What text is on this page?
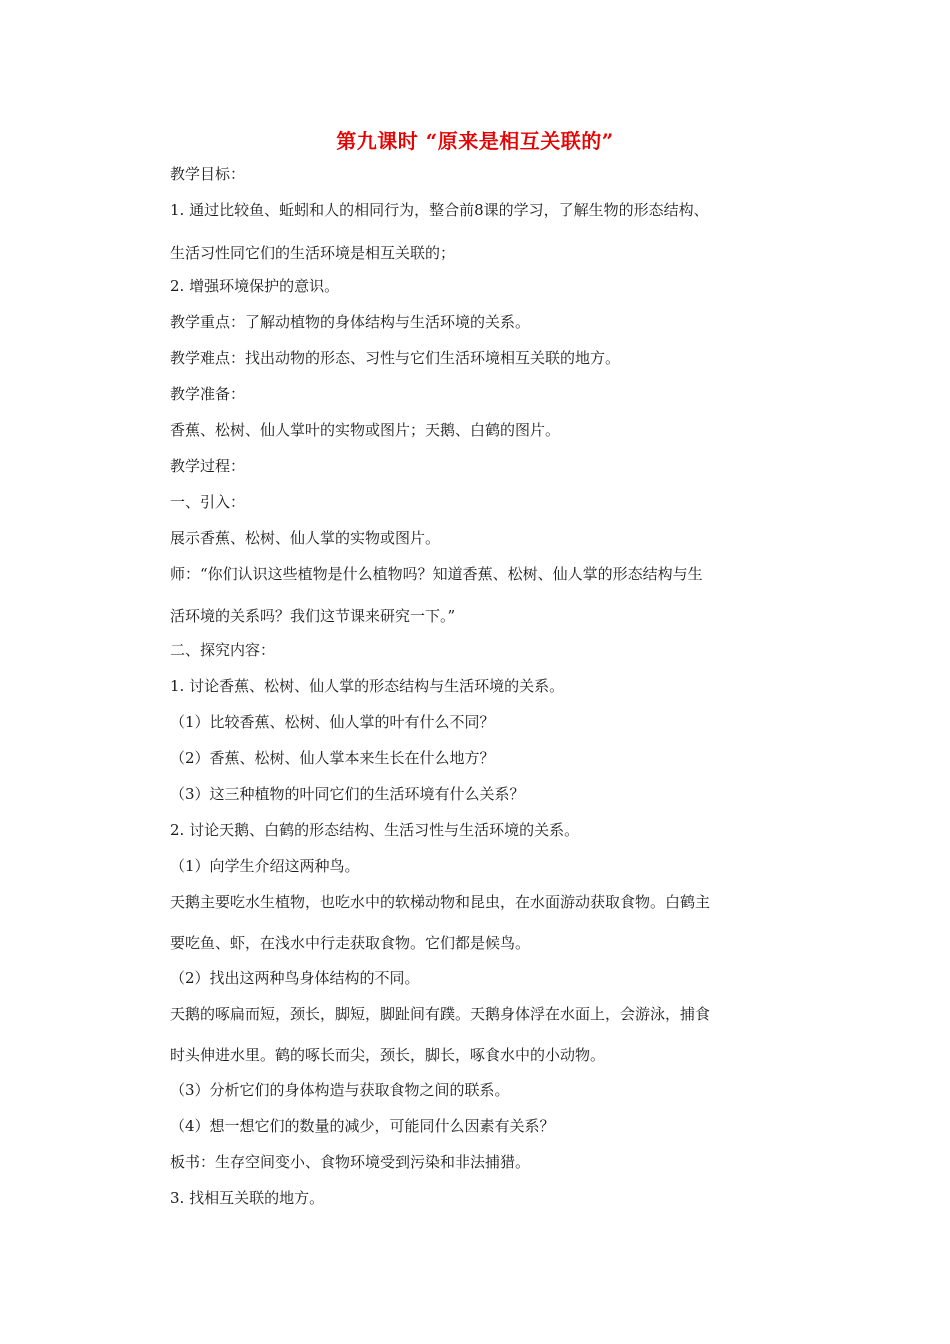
第九课时 “原来是相互关联的”

教学目标：

1. 通过比较鱼、蚯蚓和人的相同行为，整合前8课的学习，了解生物的形态结构、

生活习性同它们的生活环境是相互关联的；

2. 增强环境保护的意识。

教学重点：了解动植物的身体结构与生活环境的关系。

教学难点：找出动物的形态、习性与它们生活环境相互关联的地方。

教学准备：

香蕉、松树、仙人掌叶的实物或图片；天鹅、白鹤的图片。

教学过程：

一、引入：

展示香蕉、松树、仙人掌的实物或图片。

师：“你们认识这些植物是什么植物吗？知道香蕉、松树、仙人掌的形态结构与生

活环境的关系吗？我们这节课来研究一下。”

二、探究内容：

1. 讨论香蕉、松树、仙人掌的形态结构与生活环境的关系。

（1）比较香蕉、松树、仙人掌的叶有什么不同？

（2）香蕉、松树、仙人掌本来生长在什么地方？

（3）这三种植物的叶同它们的生活环境有什么关系？

2. 讨论天鹅、白鹤的形态结构、生活习性与生活环境的关系。

（1）向学生介绍这两种鸟。

天鹅主要吃水生植物，也吃水中的软梯动物和昆虫，在水面游动获取食物。白鹤主

要吃鱼、虾，在浅水中行走获取食物。它们都是候鸟。

（2）找出这两种鸟身体结构的不同。

天鹅的啄扁而短，颈长，脚短，脚趾间有蹼。天鹅身体浮在水面上，会游泳，捕食

时头伸进水里。鹤的啄长而尖，颈长，脚长，啄食水中的小动物。

（3）分析它们的身体构造与获取食物之间的联系。

（4）想一想它们的数量的减少，可能同什么因素有关系？

板书：生存空间变小、食物环境受到污染和非法捕猎。

3. 找相互关联的地方。
